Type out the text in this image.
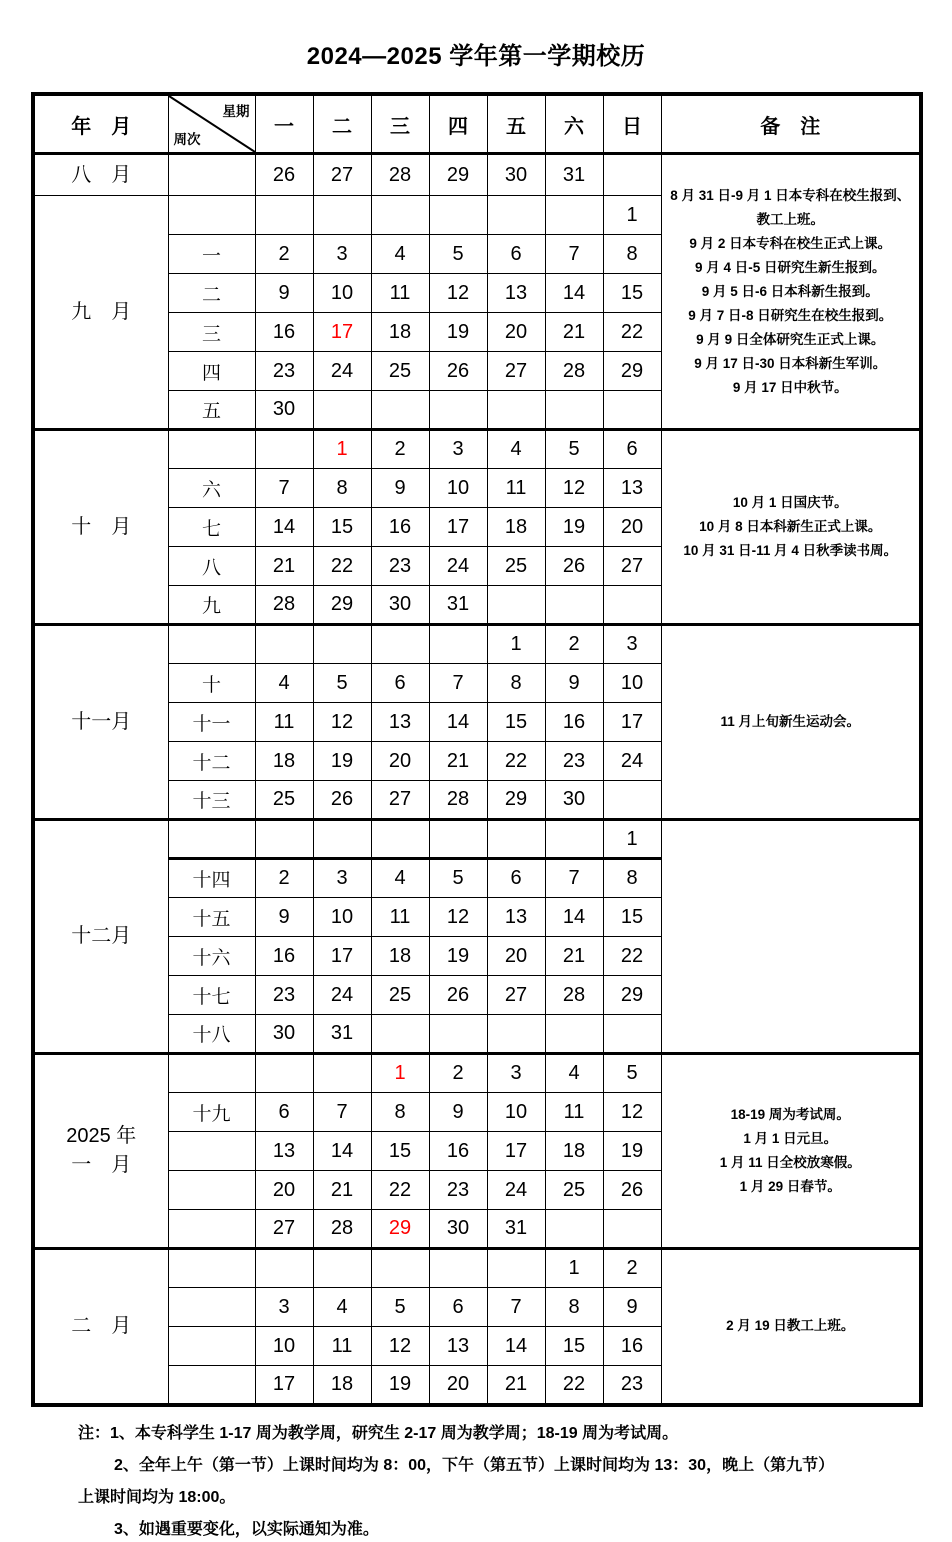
2024—2025 学年第一学期校历
年　月	星期
周次	一	二	三	四	五	六	日	备　注

八　月		26	27	28	29	30	31		
8 月 31 日-9 月 1 日本专科在校生报到、
教工上班。
9 月 2 日本专科在校生正式上课。
9 月 4 日-5 日研究生新生报到。
9 月 5 日-6 日本科新生报到。
9 月 7 日-8 日研究生在校生报到。
9 月 9 日全体研究生正式上课。
9 月 17 日-30 日本科新生军训。
9 月 17 日中秋节。

九　月								1	
	一	2	3	4	5	6	7	8	
	二	9	10	11	12	13	14	15	
	三	16	17	18	19	20	21	22	
	四	23	24	25	26	27	28	29	
	五	30							

十　月			1	2	3	4	5	6	10 月 1 日国庆节。
10 月 8 日本科新生正式上课。
10 月 31 日-11 月 4 日秋季读书周。

	六	7	8	9	10	11	12	13	
	七	14	15	16	17	18	19	20	
	八	21	22	23	24	25	26	27	
	九	28	29	30	31				

十一月						1	2	3	11 月上旬新生运动会。

	十	4	5	6	7	8	9	10	
	十一	11	12	13	14	15	16	17	
	十二	18	19	20	21	22	23	24	
	十三	25	26	27	28	29	30		

十二月								1	
	十四	2	3	4	5	6	7	8	
	十五	9	10	11	12	13	14	15	
	十六	16	17	18	19	20	21	22	
	十七	23	24	25	26	27	28	29	
	十八	30	31						

2025 年
一　月
				1	2	3	4	5	
18-19 周为考试周。
1 月 1 日元旦。
1 月 11 日全校放寒假。
1 月 29 日春节。

	十九	6	7	8	9	10	11	12	
		13	14	15	16	17	18	19	
		20	21	22	23	24	25	26	
		27	28	29	30	31			

二　月							1	2	2 月 19 日教工上班。

		3	4	5	6	7	8	9	
		10	11	12	13	14	15	16	
		17	18	19	20	21	22	23	

注：1、本专科学生 1-17 周为教学周，研究生 2-17 周为教学周；18-19 周为考试周。

2、全年上午（第一节）上课时间均为 8：00，下午（第五节）上课时间均为 13：30，晚上（第九节）

上课时间均为 18:00。

3、如遇重要变化，以实际通知为准。
